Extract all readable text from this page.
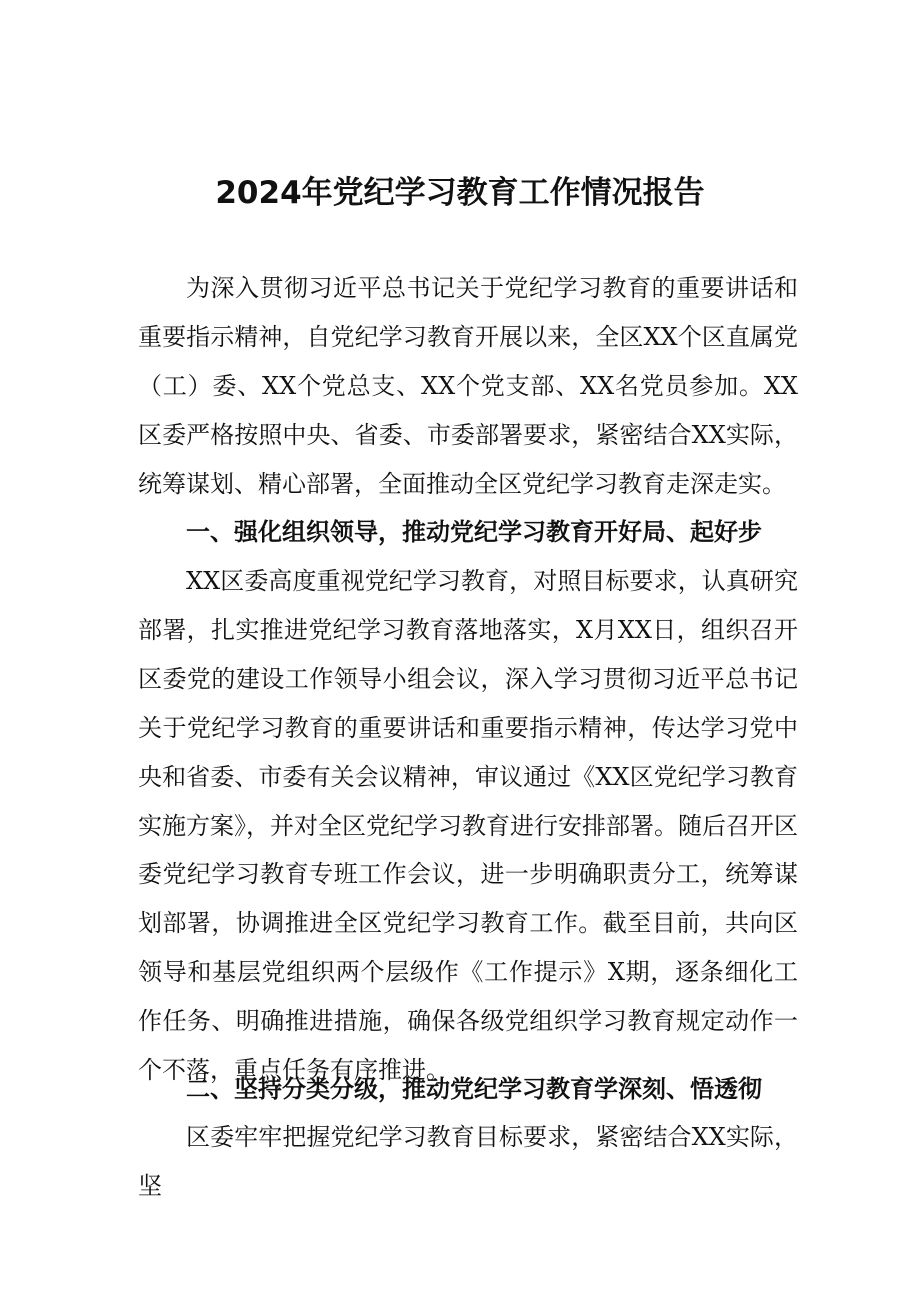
2024年党纪学习教育工作情况报告

为深入贯彻习近平总书记关于党纪学习教育的重要讲话和重要指示精神，自党纪学习教育开展以来，全区XX个区直属党（工）委、XX个党总支、XX个党支部、XX名党员参加。XX区委严格按照中央、省委、市委部署要求，紧密结合XX实际，统筹谋划、精心部署，全面推动全区党纪学习教育走深走实。

一、强化组织领导，推动党纪学习教育开好局、起好步

XX区委高度重视党纪学习教育，对照目标要求，认真研究部署，扎实推进党纪学习教育落地落实，X月XX日，组织召开区委党的建设工作领导小组会议，深入学习贯彻习近平总书记关于党纪学习教育的重要讲话和重要指示精神，传达学习党中央和省委、市委有关会议精神，审议通过《XX区党纪学习教育实施方案》，并对全区党纪学习教育进行安排部署。随后召开区委党纪学习教育专班工作会议，进一步明确职责分工，统筹谋划部署，协调推进全区党纪学习教育工作。截至目前，共向区领导和基层党组织两个层级作《工作提示》X期，逐条细化工作任务、明确推进措施，确保各级党组织学习教育规定动作一个不落，重点任务有序推进。

二、坚持分类分级，推动党纪学习教育学深刻、悟透彻

区委牢牢把握党纪学习教育目标要求，紧密结合XX实际，坚
